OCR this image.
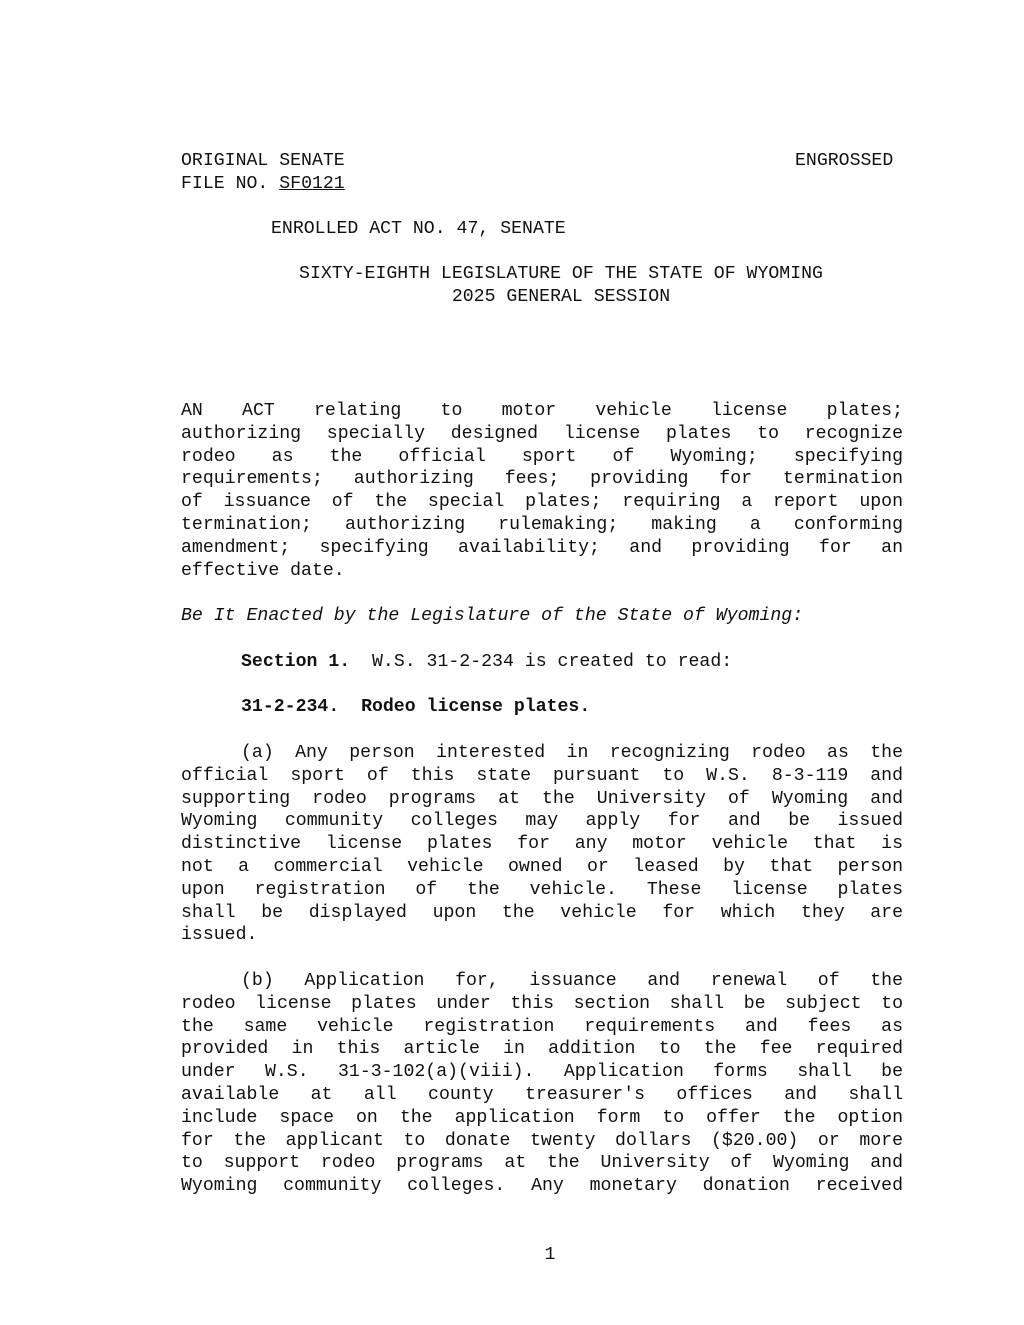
ORIGINAL SENATE
FILE NO. SF0121
ENGROSSED
ENROLLED ACT NO. 47, SENATE
SIXTY-EIGHTH LEGISLATURE OF THE STATE OF WYOMING
2025 GENERAL SESSION
AN ACT relating to motor vehicle license plates;
authorizing specially designed license plates to recognize
rodeo as the official sport of Wyoming; specifying
requirements; authorizing fees; providing for termination
of issuance of the special plates; requiring a report upon
termination; authorizing rulemaking; making a conforming
amendment; specifying availability; and providing for an
effective date.
Be It Enacted by the Legislature of the State of Wyoming:
Section 1.  W.S. 31-2-234 is created to read:
31-2-234.  Rodeo license plates.
(a) Any person interested in recognizing rodeo as the
official sport of this state pursuant to W.S. 8-3-119 and
supporting rodeo programs at the University of Wyoming and
Wyoming community colleges may apply for and be issued
distinctive license plates for any motor vehicle that is
not a commercial vehicle owned or leased by that person
upon registration of the vehicle. These license plates
shall be displayed upon the vehicle for which they are
issued.
(b) Application for, issuance and renewal of the
rodeo license plates under this section shall be subject to
the same vehicle registration requirements and fees as
provided in this article in addition to the fee required
under W.S. 31-3-102(a)(viii). Application forms shall be
available at all county treasurer's offices and shall
include space on the application form to offer the option
for the applicant to donate twenty dollars ($20.00) or more
to support rodeo programs at the University of Wyoming and
Wyoming community colleges. Any monetary donation received
1
